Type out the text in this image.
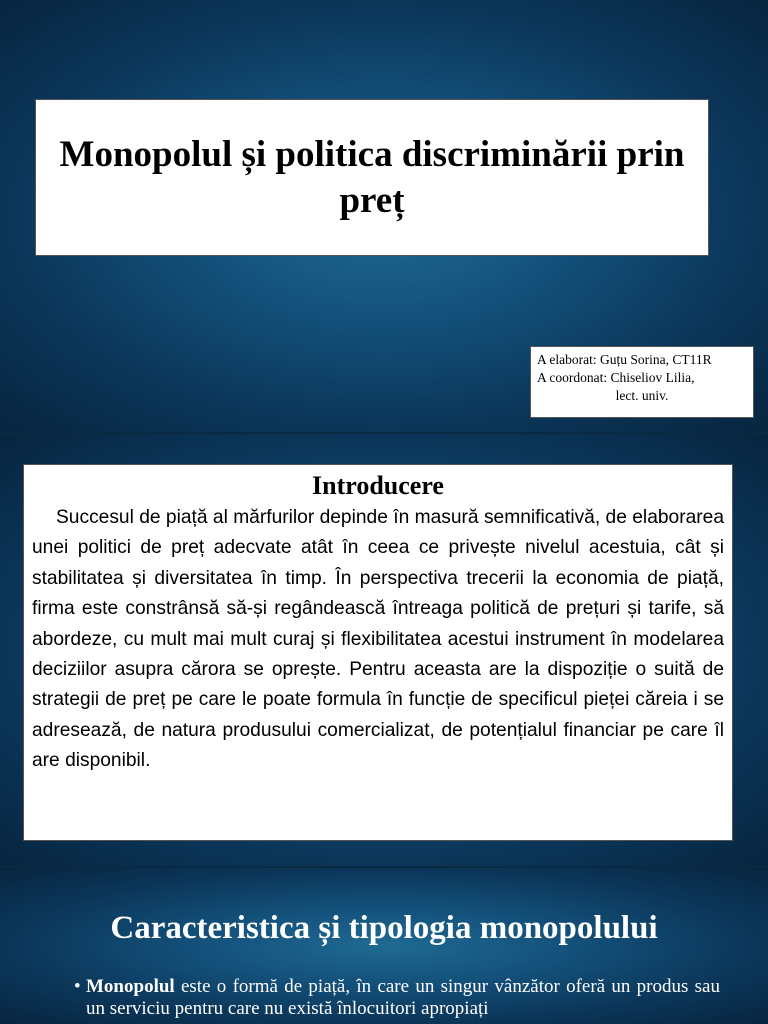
Monopolul și politica discriminării prin preț
A elaborat: Guțu Sorina, CT11R
A coordonat: Chiseliov Lilia,
lect. univ.
Introducere

Succesul de piață al mărfurilor depinde în masură semnificativă, de elaborarea unei politici de preț adecvate atât în ceea ce privește nivelul acestuia, cât și stabilitatea și diversitatea în timp. În perspectiva trecerii la economia de piață, firma este constrânsă să-și regândească întreaga politică de prețuri și tarife, să abordeze, cu mult mai mult curaj și flexibilitatea acestui instrument în modelarea deciziilor asupra cărora se oprește. Pentru aceasta are la dispoziție o suită de strategii de preț pe care le poate formula în funcție de specificul pieței căreia i se adresează, de natura produsului comercializat, de potențialul financiar pe care îl are disponibil.

Caracteristica și tipologia monopolului

• Monopolul este o formă de piață, în care un singur vânzător oferă un produs sau un serviciu pentru care nu există înlocuitori apropiați
